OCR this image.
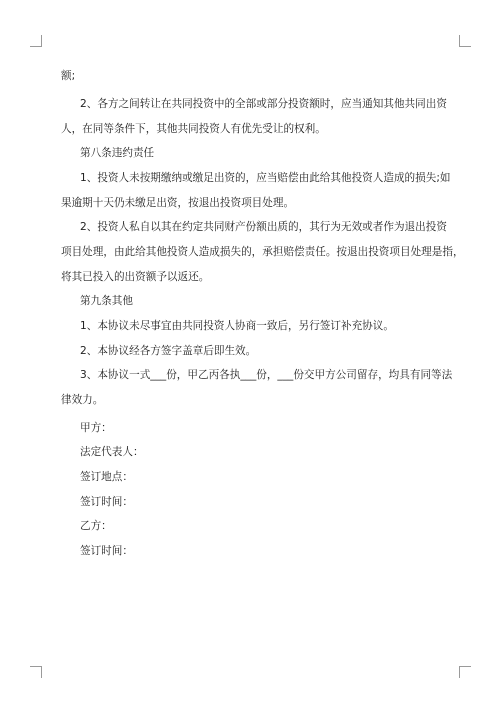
额;
2、各方之间转让在共同投资中的全部或部分投资额时，应当通知其他共同出资
人，在同等条件下，其他共同投资人有优先受让的权利。
第八条违约责任
1、投资人未按期缴纳或缴足出资的，应当赔偿由此给其他投资人造成的损失;如
果逾期十天仍未缴足出资，按退出投资项目处理。
2、投资人私自以其在约定共同财产份额出质的，其行为无效或者作为退出投资
项目处理，由此给其他投资人造成损失的，承担赔偿责任。按退出投资项目处理是指，
将其已投入的出资额予以返还。
第九条其他
1、本协议未尽事宜由共同投资人协商一致后，另行签订补充协议。
2、本协议经各方签字盖章后即生效。
3、本协议一式___份，甲乙丙各执___份，___份交甲方公司留存，均具有同等法
律效力。
甲方：
法定代表人：
签订地点：
签订时间：
乙方：
签订时间：
